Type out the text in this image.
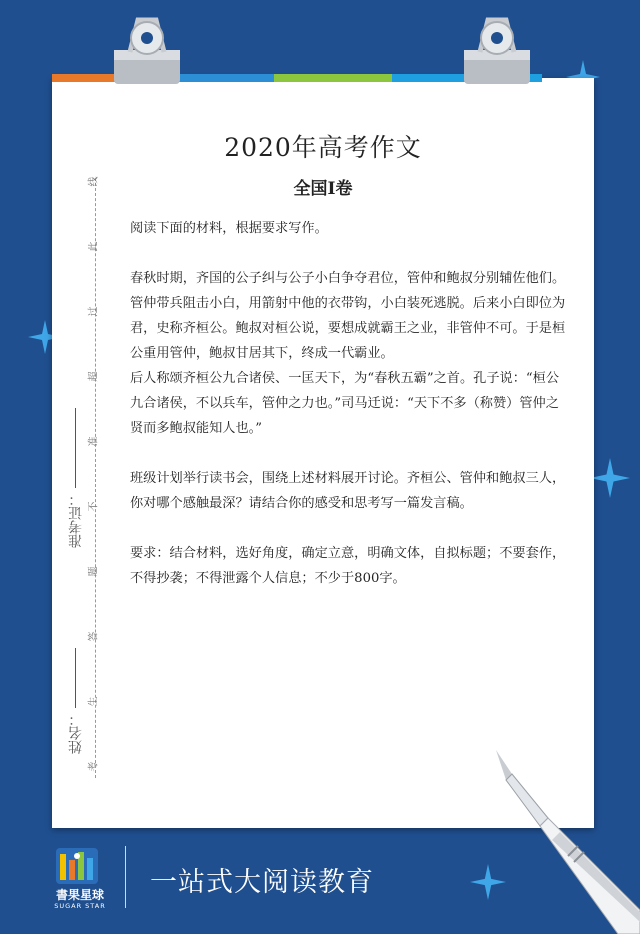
姓名：
准考证：
考
生
答
题
不
准
超
过
此
线
2020年高考作文
全国Ⅰ卷

阅读下面的材料，根据要求写作。

春秋时期，齐国的公子纠与公子小白争夺君位，管仲和鲍叔分别辅佐他们。管仲带兵阻击小白，用箭射中他的衣带钩，小白装死逃脱。后来小白即位为君，史称齐桓公。鲍叔对桓公说，要想成就霸王之业，非管仲不可。于是桓公重用管仲，鲍叔甘居其下，终成一代霸业。

后人称颂齐桓公九合诸侯、一匡天下，为“春秋五霸”之首。孔子说：“桓公九合诸侯，不以兵车，管仲之力也。”司马迁说：“天下不多（称赞）管仲之贤而多鲍叔能知人也。”

班级计划举行读书会，围绕上述材料展开讨论。齐桓公、管仲和鲍叔三人，你对哪个感触最深？请结合你的感受和思考写一篇发言稿。

要求：结合材料，选好角度，确定立意，明确文体，自拟标题；不要套作，不得抄袭；不得泄露个人信息；不少于800字。

書果星球
SUGAR STAR
一站式大阅读教育
